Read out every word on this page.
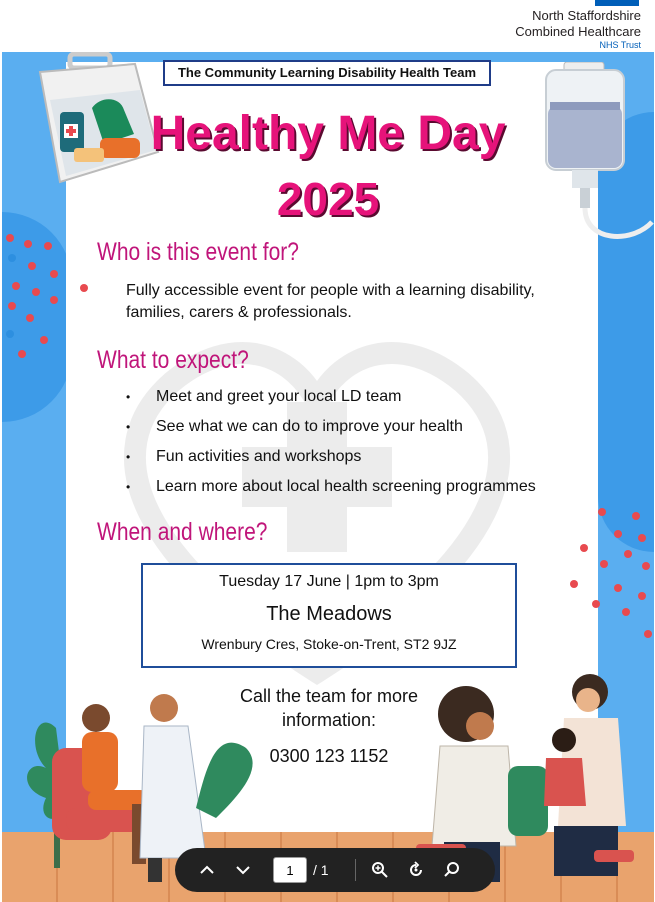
North Staffordshire
Combined Healthcare
NHS Trust
The Community Learning Disability Health Team
Healthy Me Day
2025
Who is this event for?
Fully accessible event for people with a learning disability, families, carers & professionals.
What to expect?
• Meet and greet your local LD team
• See what we can do to improve your health
• Fun activities and workshops
• Learn more about local health screening programmes
When and where?
Tuesday 17 June | 1pm to 3pm
The Meadows
Wrenbury Cres, Stoke-on-Trent, ST2 9JZ
Call the team for more information:
0300 123 1152
1
/ 1
